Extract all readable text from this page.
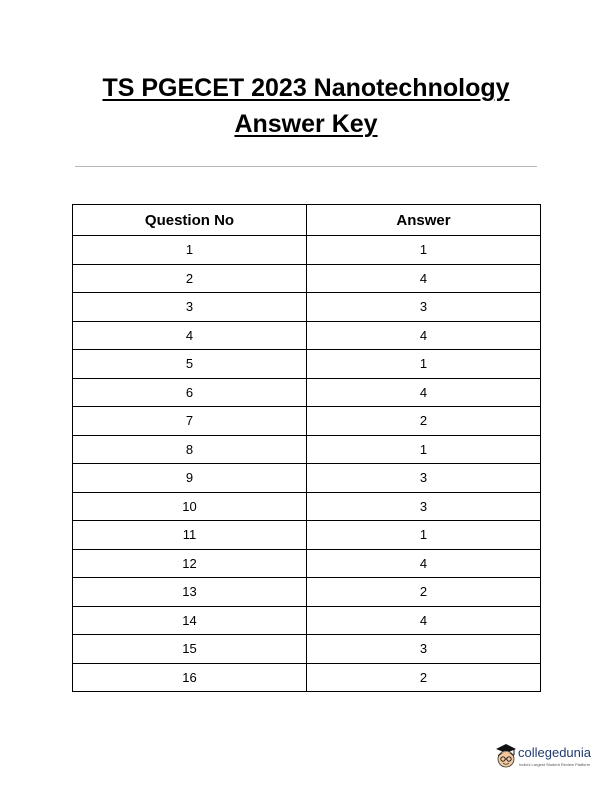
TS PGECET 2023 Nanotechnology
Answer Key
Question No	Answer
1	1
2	4
3	3
4	4
5	1
6	4
7	2
8	1
9	3
10	3
11	1
12	4
13	2
14	4
15	3
16	2
collegedunia
India's Largest Student Review Platform
